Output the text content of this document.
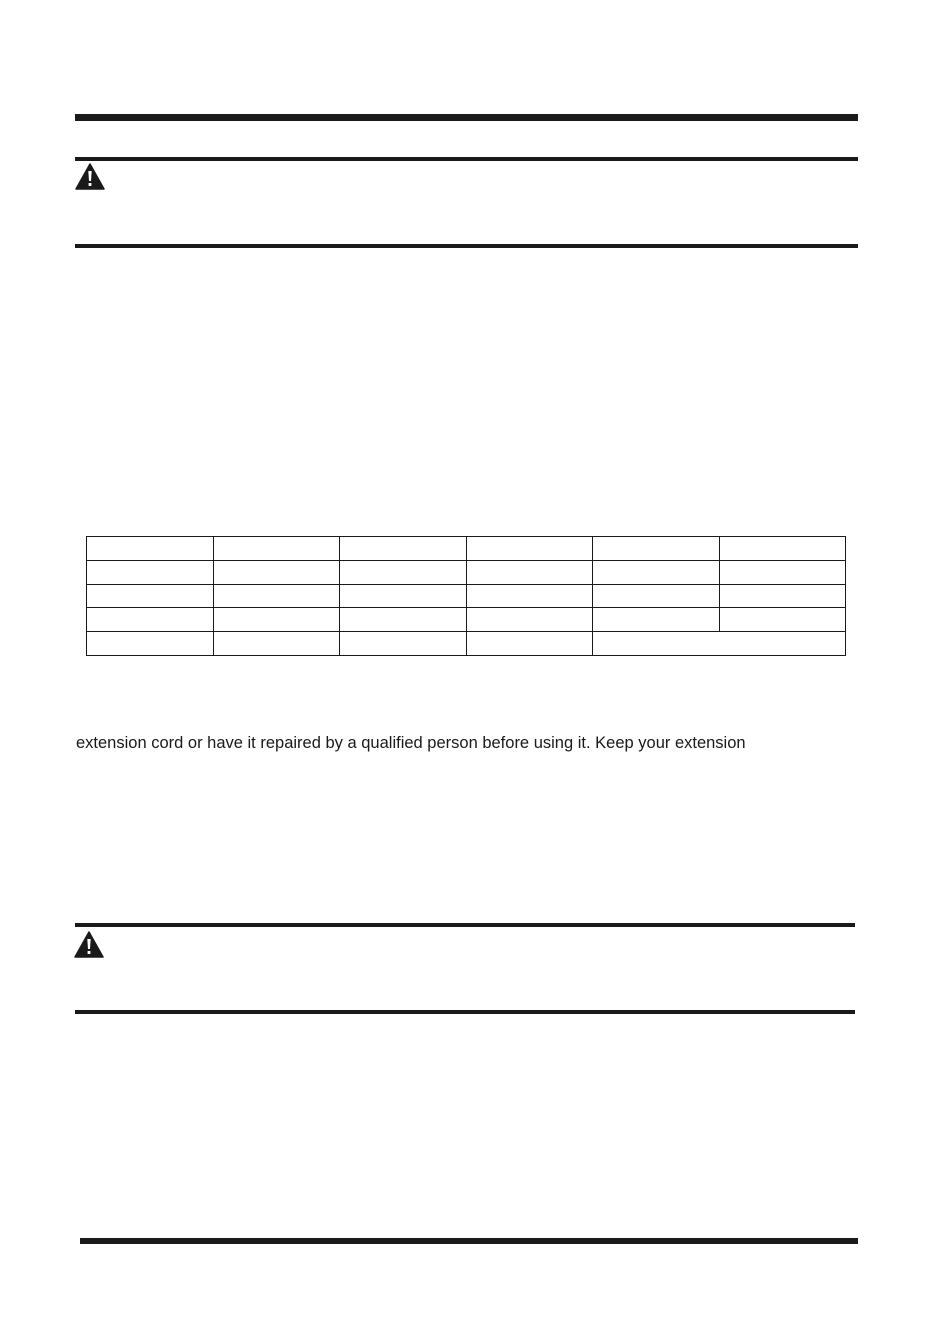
extension cord or have it repaired by a qualified person before using it. Keep your extension
